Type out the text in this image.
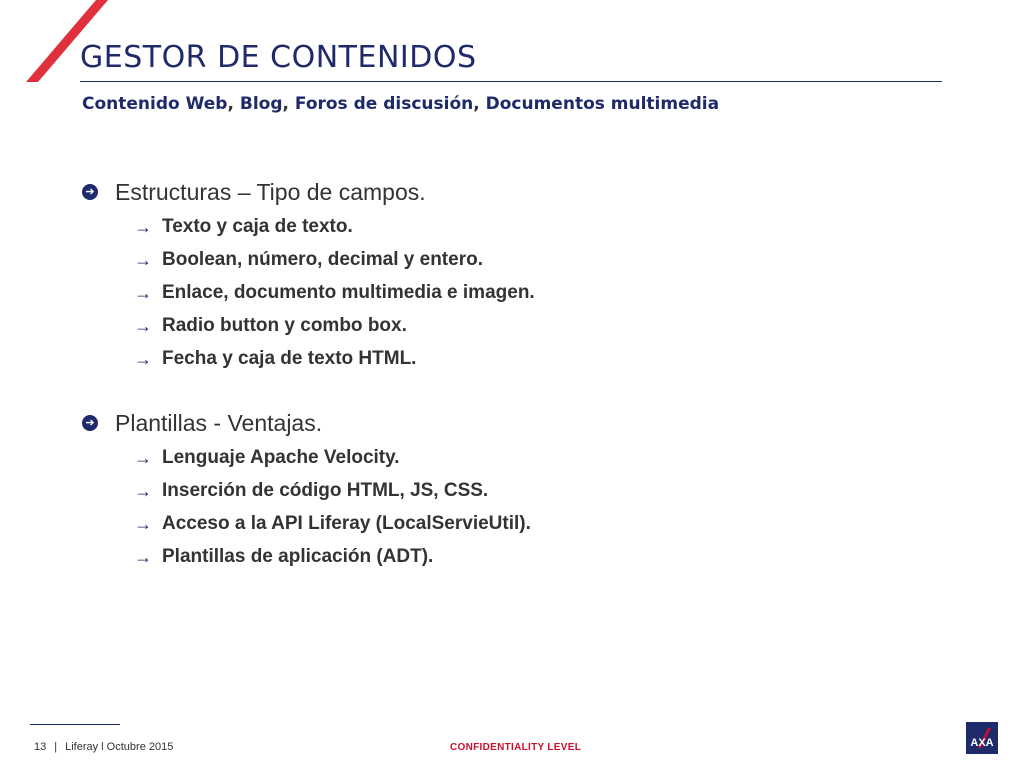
GESTOR DE CONTENIDOS
Contenido Web, Blog, Foros de discusión, Documentos multimedia
➔ Estructuras – Tipo de campos.
→ Texto y caja de texto.
→ Boolean, número, decimal y entero.
→ Enlace, documento multimedia e imagen.
→ Radio button y combo box.
→ Fecha y caja de texto HTML.
➔ Plantillas - Ventajas.
→ Lenguaje Apache Velocity.
→ Inserción de código HTML, JS, CSS.
→ Acceso a la API Liferay (LocalServieUtil).
→ Plantillas de aplicación (ADT).
13 | Liferay l Octubre 2015	CONFIDENTIALITY LEVEL	AXA
